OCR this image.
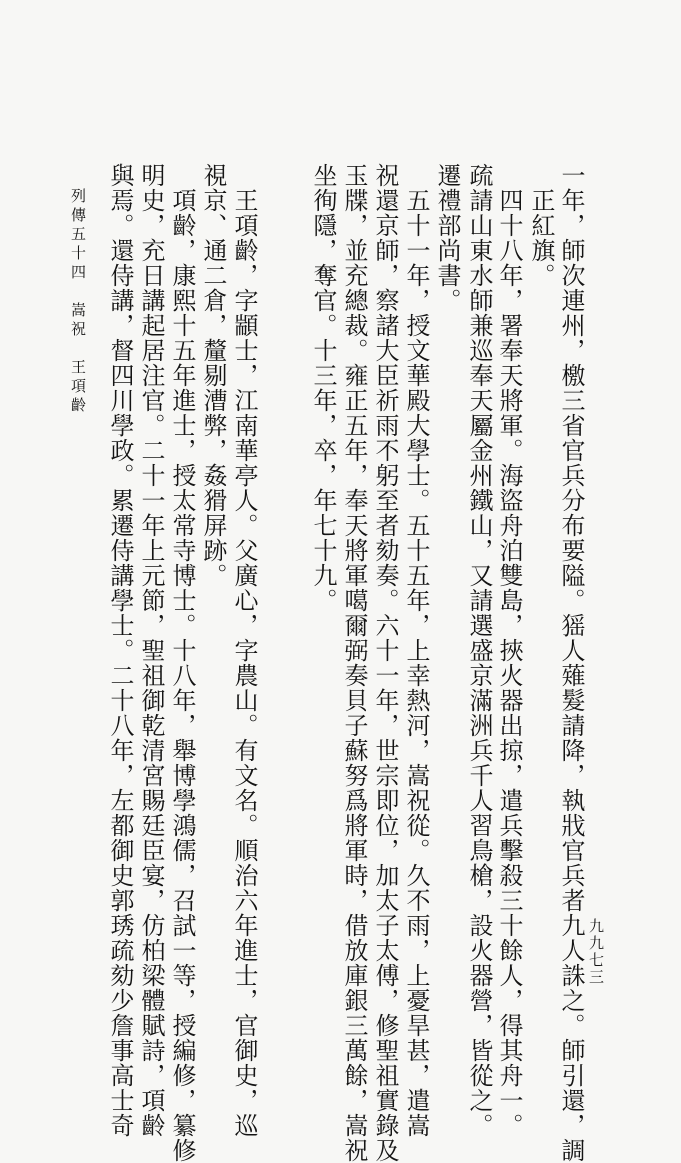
一年，師次連州，檄三省官兵分布要隘。猺人薙髮請降，執戕官兵者九人誅之。師引還，調
正紅旗。
四十八年，署奉天將軍。海盜舟泊雙島，挾火器出掠，遣兵擊殺三十餘人，得其舟一。
疏請山東水師兼巡奉天屬金州鐵山，又請選盛京滿洲兵千人習鳥槍，設火器營，皆從之。
遷禮部尚書。
五十一年，授文華殿大學士。五十五年，上幸熱河，嵩祝從。久不雨，上憂旱甚，遣嵩
祝還京師，察諸大臣祈雨不躬至者劾奏。六十一年，世宗即位，加太子太傅，修聖祖實錄及
玉牒，並充總裁。雍正五年，奉天將軍噶爾弼奏貝子蘇努爲將軍時，借放庫銀三萬餘，嵩祝
坐徇隱，奪官。十三年，卒，年七十九。
王項齡，字顓士，江南華亭人。父廣心，字農山。有文名。順治六年進士，官御史，巡
視京、通二倉，釐剔漕弊，姦猾屏跡。
項齡，康熙十五年進士，授太常寺博士。十八年，舉博學鴻儒，召試一等，授編修，纂修
明史，充日講起居注官。二十一年上元節，聖祖御乾清宮賜廷臣宴，仿柏梁體賦詩，項齡
與焉。還侍講，督四川學政。累遷侍講學士。二十八年，左都御史郭琇疏劾少詹事高士奇
列傳五十四　嵩祝　王項齡
九九七三
